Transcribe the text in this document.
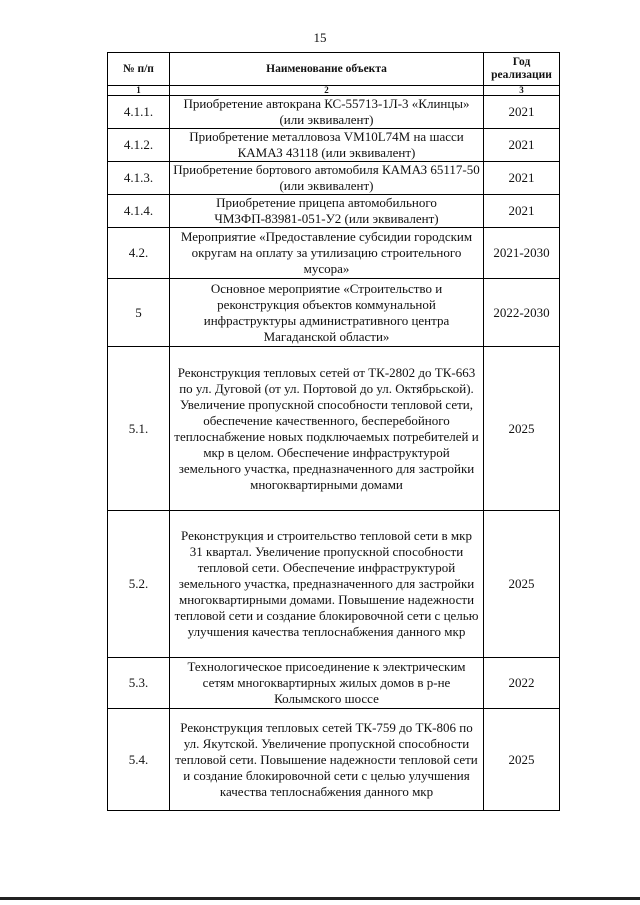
15
№ п/п	Наименование объекта	Год реализации
1	2	3
4.1.1.	Приобретение автокрана КС-55713-1Л-3 «Клинцы» (или эквивалент)	2021
4.1.2.	Приобретение металловоза VM10L74M на шасси КАМАЗ 43118 (или эквивалент)	2021
4.1.3.	Приобретение бортового автомобиля КАМАЗ 65117-50 (или эквивалент)	2021
4.1.4.	Приобретение прицепа автомобильного ЧМЗФП-83981-051-У2 (или эквивалент)	2021
4.2.	Мероприятие «Предоставление субсидии городским округам на оплату за утилизацию строительного мусора»	2021-2030
5	Основное мероприятие «Строительство и реконструкция объектов коммунальной инфраструктуры административного центра Магаданской области»	2022-2030
5.1.	Реконструкция тепловых сетей от ТК-2802 до ТК-663 по ул. Дуговой (от ул. Портовой до ул. Октябрьской). Увеличение пропускной способности тепловой сети, обеспечение качественного, бесперебойного теплоснабжение новых подключаемых потребителей и мкр в целом. Обеспечение инфраструктурой земельного участка, предназначенного для застройки многоквартирными домами	2025
5.2.	Реконструкция и строительство тепловой сети в мкр 31 квартал. Увеличение пропускной способности тепловой сети. Обеспечение инфраструктурой земельного участка, предназначенного для застройки многоквартирными домами. Повышение надежности тепловой сети и создание блокировочной сети с целью улучшения качества теплоснабжения данного мкр	2025
5.3.	Технологическое присоединение к электрическим сетям многоквартирных жилых домов в р-не Колымского шоссе	2022
5.4.	Реконструкция тепловых сетей ТК-759 до ТК-806 по ул. Якутской. Увеличение пропускной способности тепловой сети. Повышение надежности тепловой сети и создание блокировочной сети с целью улучшения качества теплоснабжения данного мкр	2025
